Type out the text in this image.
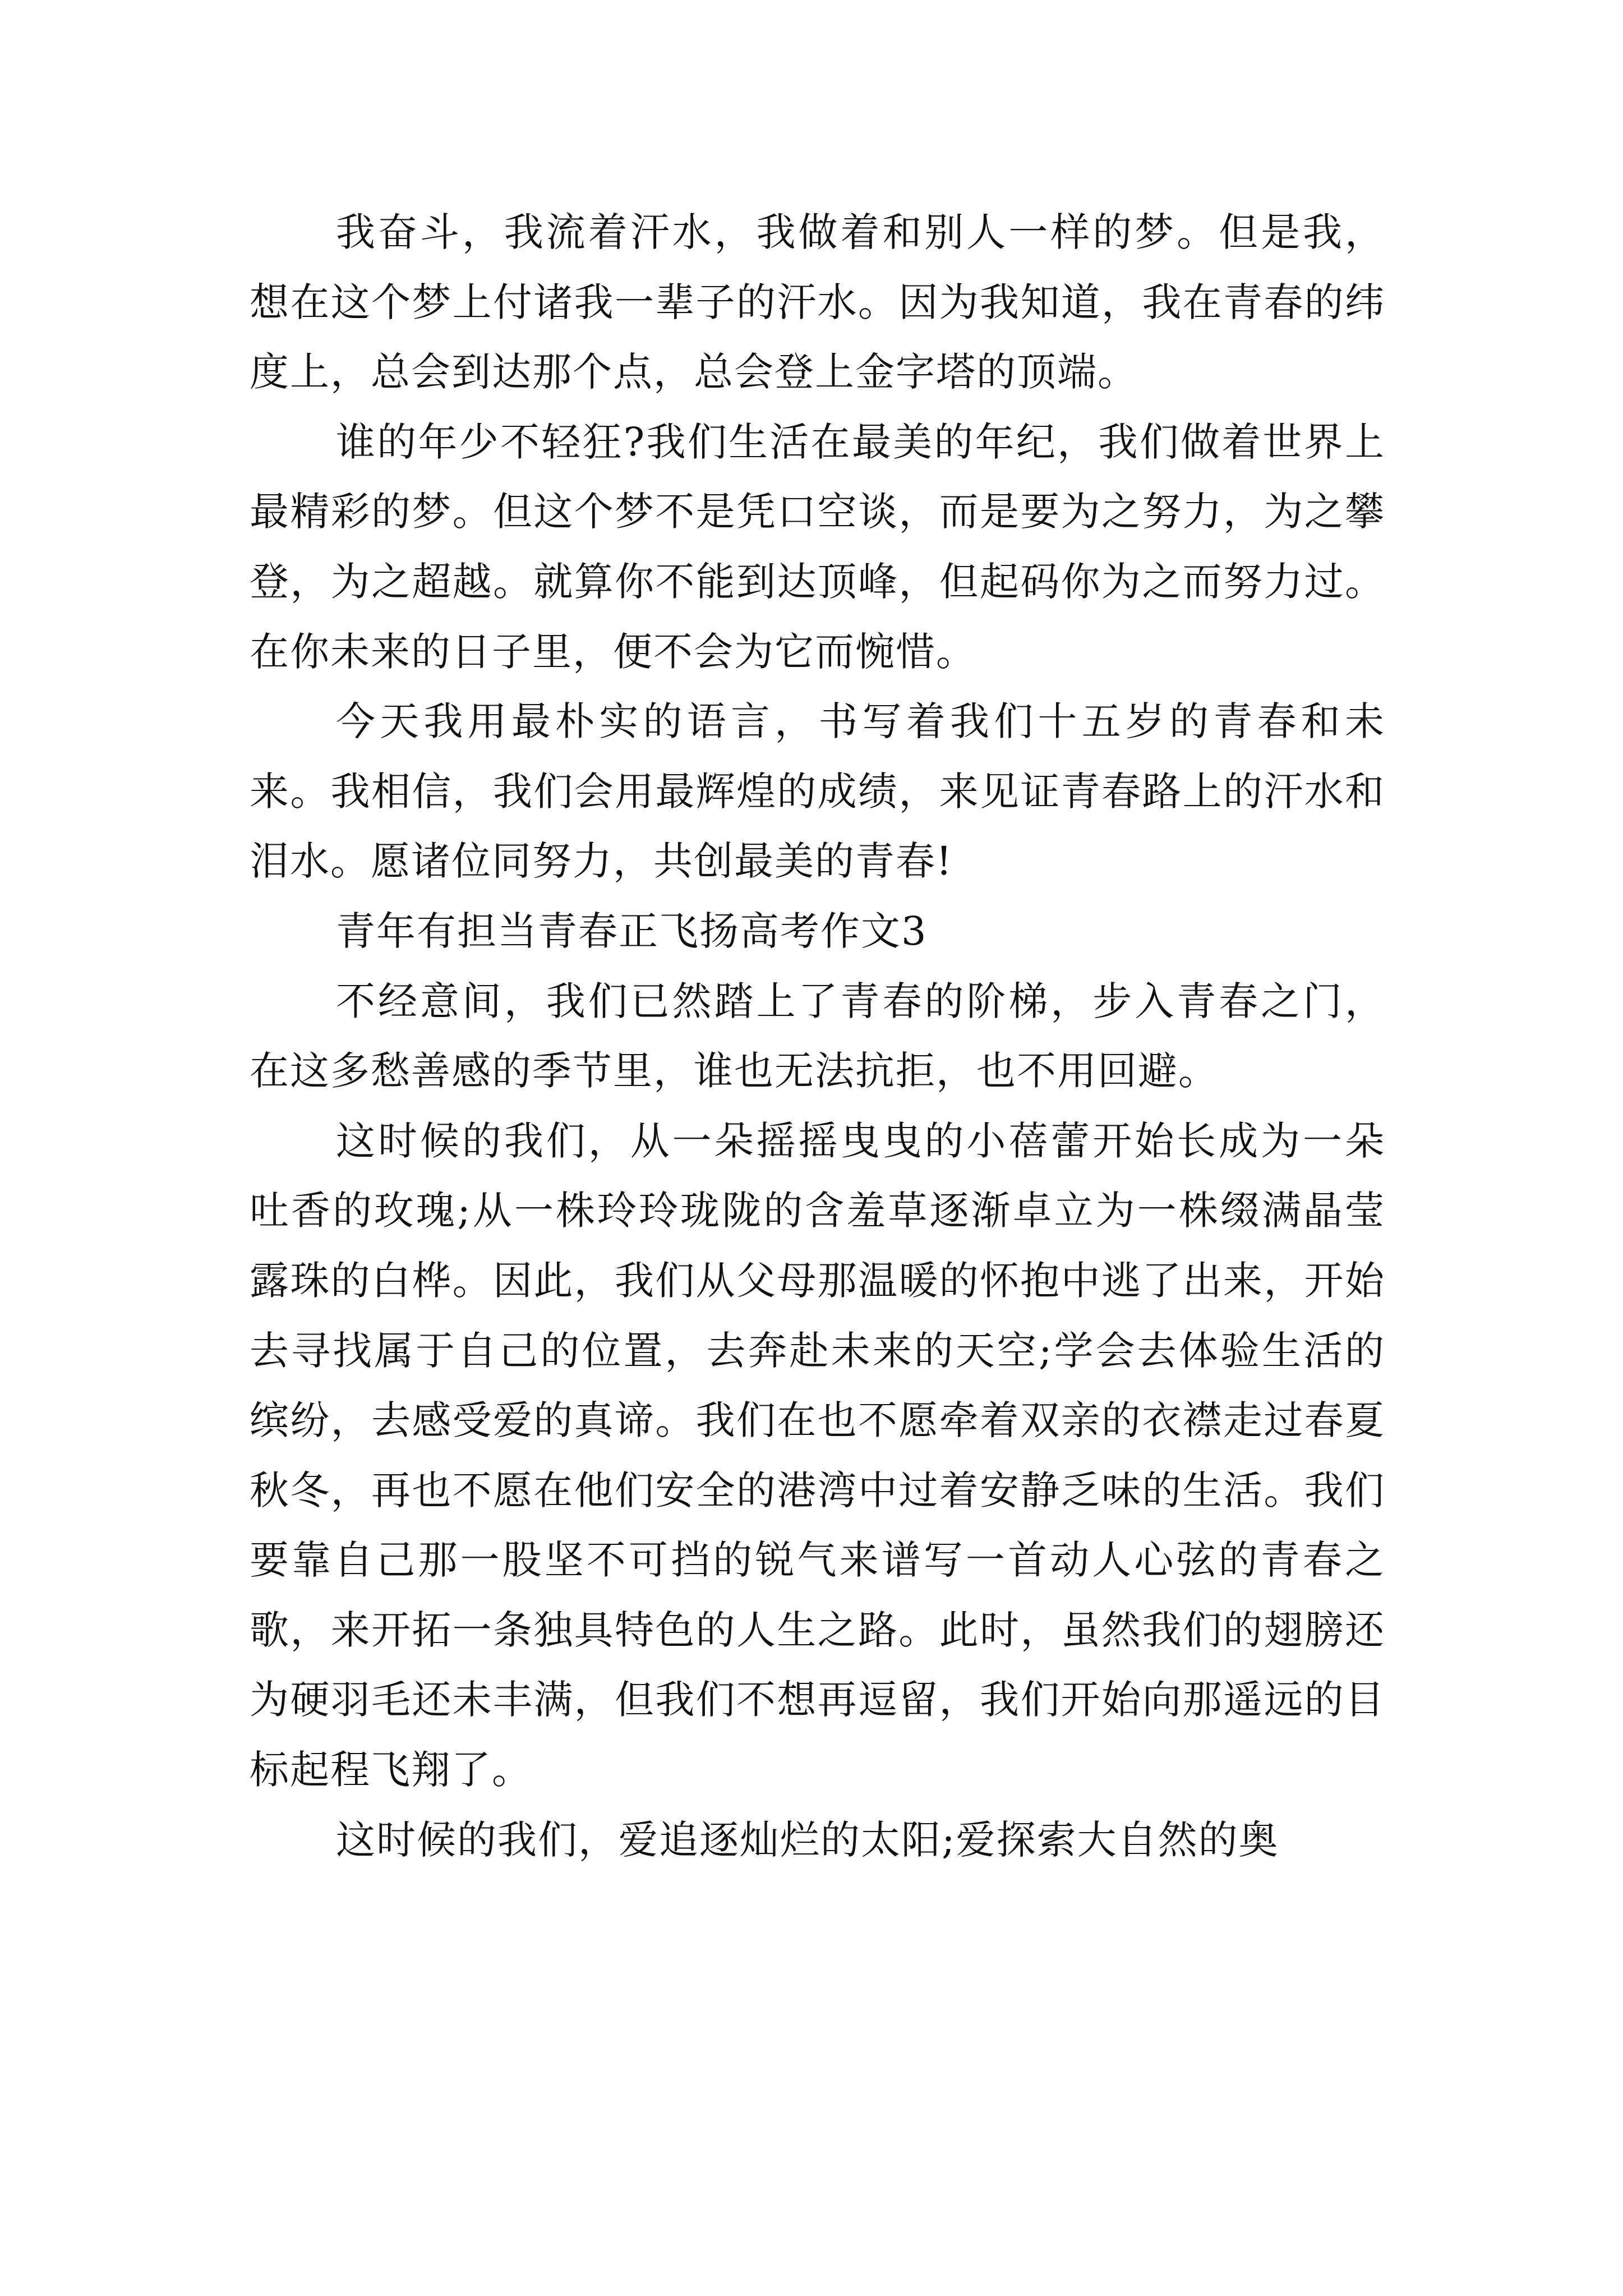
我奋斗，我流着汗水，我做着和别人一样的梦。但是我，想在这个梦上付诸我一辈子的汗水。因为我知道，我在青春的纬度上，总会到达那个点，总会登上金字塔的顶端。

谁的年少不轻狂?我们生活在最美的年纪，我们做着世界上最精彩的梦。但这个梦不是凭口空谈，而是要为之努力，为之攀登，为之超越。就算你不能到达顶峰，但起码你为之而努力过。在你未来的日子里，便不会为它而惋惜。

今天我用最朴实的语言，书写着我们十五岁的青春和未来。我相信，我们会用最辉煌的成绩，来见证青春路上的汗水和泪水。愿诸位同努力，共创最美的青春!

青年有担当青春正飞扬高考作文3

不经意间，我们已然踏上了青春的阶梯，步入青春之门，在这多愁善感的季节里，谁也无法抗拒，也不用回避。

这时候的我们，从一朵摇摇曳曳的小蓓蕾开始长成为一朵吐香的玫瑰;从一株玲玲珑陇的含羞草逐渐卓立为一株缀满晶莹露珠的白桦。因此，我们从父母那温暖的怀抱中逃了出来，开始去寻找属于自己的位置，去奔赴未来的天空;学会去体验生活的缤纷，去感受爱的真谛。我们在也不愿牵着双亲的衣襟走过春夏秋冬，再也不愿在他们安全的港湾中过着安静乏味的生活。我们要靠自己那一股坚不可挡的锐气来谱写一首动人心弦的青春之歌，来开拓一条独具特色的人生之路。此时，虽然我们的翅膀还为硬羽毛还未丰满，但我们不想再逗留，我们开始向那遥远的目标起程飞翔了。

这时候的我们，爱追逐灿烂的太阳;爱探索大自然的奥
